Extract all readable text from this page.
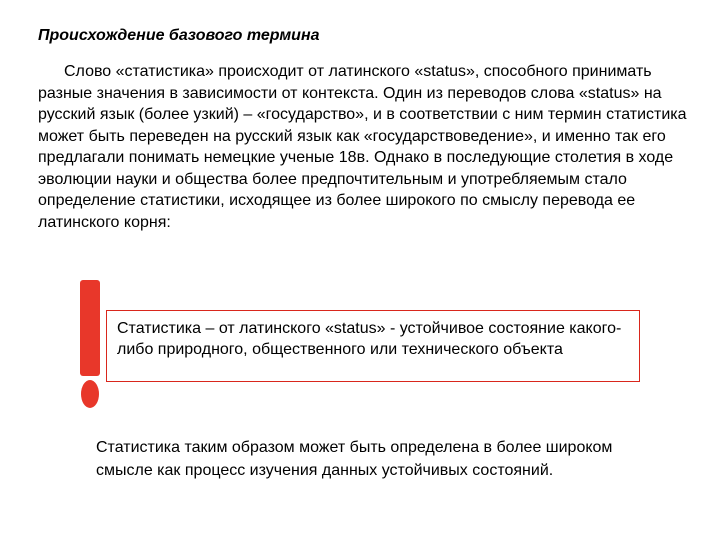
Происхождение базового термина

Слово «статистика» происходит от латинского «status», способного принимать разные значения в зависимости от контекста. Один из переводов слова «status» на русский язык (более узкий) – «государство», и в соответствии с ним термин статистика может быть переведен на русский язык как «государствоведение», и именно так его предлагали понимать немецкие ученые 18в. Однако в последующие столетия в ходе эволюции науки и общества более предпочтительным и употребляемым стало определение статистики, исходящее из более широкого по смыслу перевода ее латинского корня:

Статистика – от латинского «status» - устойчивое состояние какого-либо природного, общественного или технического объекта

Статистика таким образом может быть определена в более широком смысле как процесс изучения данных устойчивых состояний.
